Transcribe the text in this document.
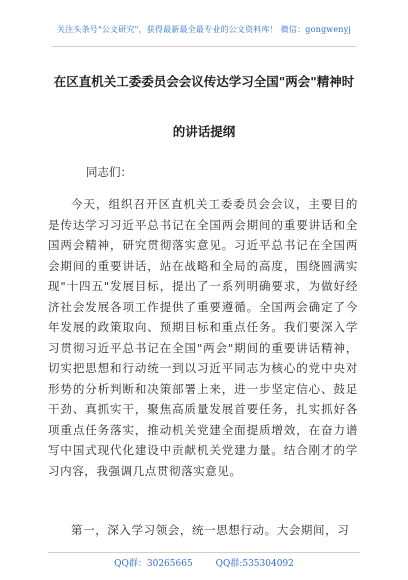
关注头条号"公文研究"，获得最新最全最专业的公文资料库！ 微信：gongwenyj
在区直机关工委委员会会议传达学习全国"两会"精神时
的讲话提纲
同志们：
今天，组织召开区直机关工委委员会会议，主要目的是传达学习习近平总书记在全国两会期间的重要讲话和全国两会精神，研究贯彻落实意见。习近平总书记在全国两会期间的重要讲话，站在战略和全局的高度，围绕圆满实现"十四五"发展目标，提出了一系列明确要求，为做好经济社会发展各项工作提供了重要遵循。全国两会确定了今年发展的政策取向、预期目标和重点任务。我们要深入学习贯彻习近平总书记在全国"两会"期间的重要讲话精神，切实把思想和行动统一到以习近平同志为核心的党中央对形势的分析判断和决策部署上来，进一步坚定信心、鼓足干劲、真抓实干，聚焦高质量发展首要任务，扎实抓好各项重点任务落实，推动机关党建全面提质增效，在奋力谱写中国式现代化建设中贡献机关党建力量。结合刚才的学习内容，我强调几点贯彻落实意见。
第一，深入学习领会，统一思想行动。大会期间，习
QQ群：30265665	QQ群:535304092
